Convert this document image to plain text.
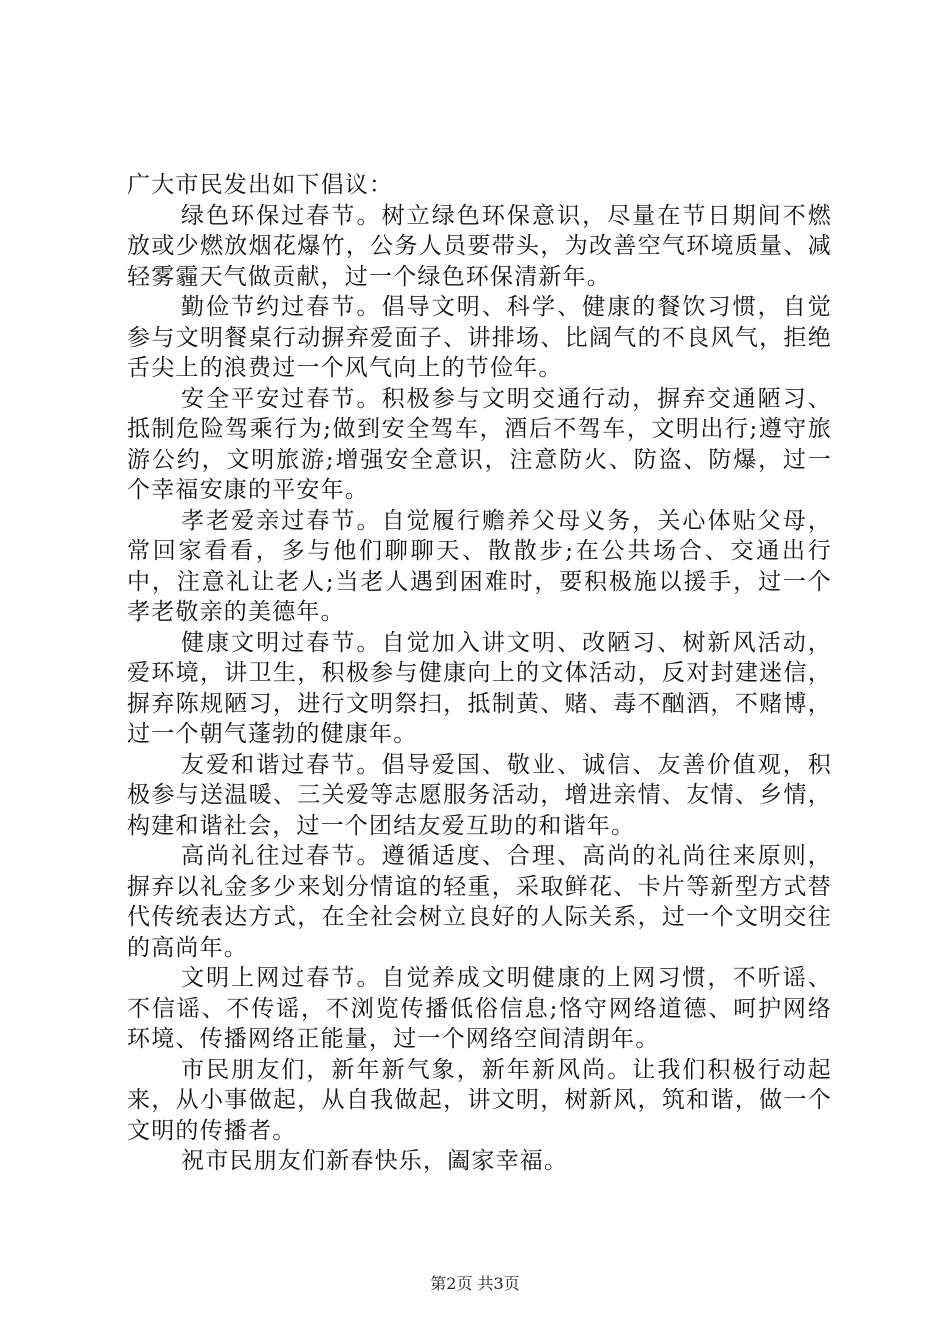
广大市民发出如下倡议：

绿色环保过春节。树立绿色环保意识，尽量在节日期间不燃放或少燃放烟花爆竹，公务人员要带头，为改善空气环境质量、减轻雾霾天气做贡献，过一个绿色环保清新年。

勤俭节约过春节。倡导文明、科学、健康的餐饮习惯，自觉参与文明餐桌行动摒弃爱面子、讲排场、比阔气的不良风气，拒绝舌尖上的浪费过一个风气向上的节俭年。

安全平安过春节。积极参与文明交通行动，摒弃交通陋习、抵制危险驾乘行为;做到安全驾车，酒后不驾车，文明出行;遵守旅游公约，文明旅游;增强安全意识，注意防火、防盗、防爆，过一个幸福安康的平安年。

孝老爱亲过春节。自觉履行赡养父母义务，关心体贴父母，常回家看看，多与他们聊聊天、散散步;在公共场合、交通出行中，注意礼让老人;当老人遇到困难时，要积极施以援手，过一个孝老敬亲的美德年。

健康文明过春节。自觉加入讲文明、改陋习、树新风活动，爱环境，讲卫生，积极参与健康向上的文体活动，反对封建迷信，摒弃陈规陋习，进行文明祭扫，抵制黄、赌、毒不酗酒，不赌博，过一个朝气蓬勃的健康年。

友爱和谐过春节。倡导爱国、敬业、诚信、友善价值观，积极参与送温暖、三关爱等志愿服务活动，增进亲情、友情、乡情，构建和谐社会，过一个团结友爱互助的和谐年。

高尚礼往过春节。遵循适度、合理、高尚的礼尚往来原则，摒弃以礼金多少来划分情谊的轻重，采取鲜花、卡片等新型方式替代传统表达方式，在全社会树立良好的人际关系，过一个文明交往的高尚年。

文明上网过春节。自觉养成文明健康的上网习惯，不听谣、不信谣、不传谣，不浏览传播低俗信息;恪守网络道德、呵护网络环境、传播网络正能量，过一个网络空间清朗年。

市民朋友们，新年新气象，新年新风尚。让我们积极行动起来，从小事做起，从自我做起，讲文明，树新风，筑和谐，做一个文明的传播者。

祝市民朋友们新春快乐，阖家幸福。

第2页 共3页
